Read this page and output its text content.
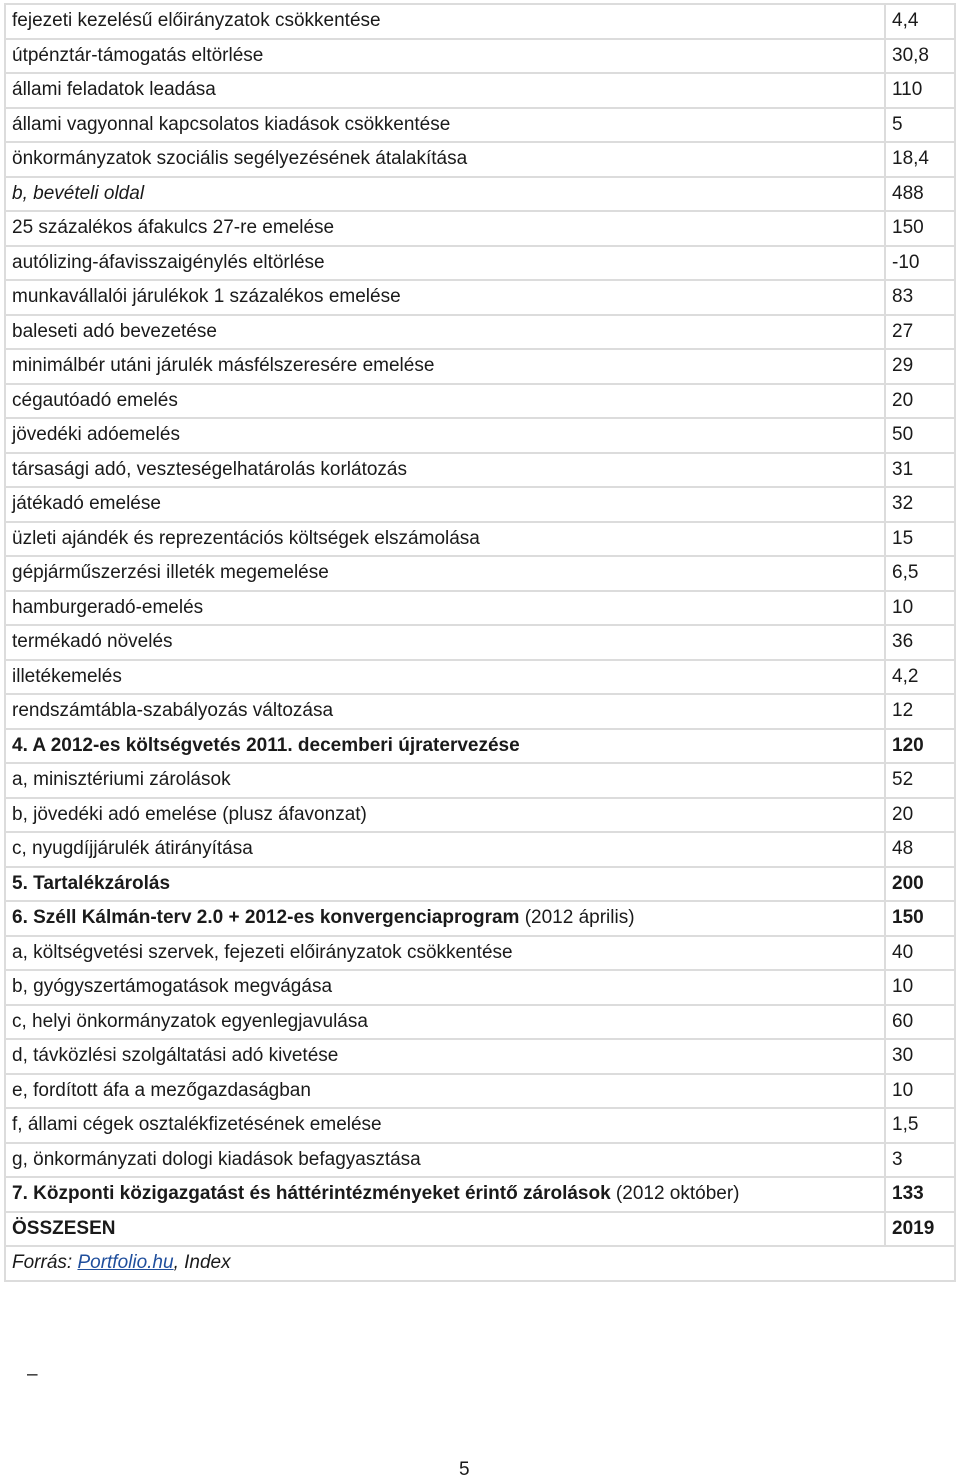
fejezeti kezelésű előirányzatok csökkentése	4,4
útpénztár-támogatás eltörlése	30,8
állami feladatok leadása	110
állami vagyonnal kapcsolatos kiadások csökkentése	5
önkormányzatok szociális segélyezésének átalakítása	18,4
b, bevételi oldal	488
25 százalékos áfakulcs 27-re emelése	150
autólizing-áfavisszaigénylés eltörlése	-10
munkavállalói járulékok 1 százalékos emelése	83
baleseti adó bevezetése	27
minimálbér utáni járulék másfélszeresére emelése	29
cégautóadó emelés	20
jövedéki adóemelés	50
társasági adó, veszteségelhatárolás korlátozás	31
játékadó emelése	32
üzleti ajándék és reprezentációs költségek elszámolása	15
gépjárműszerzési illeték megemelése	6,5
hamburgeradó-emelés	10
termékadó növelés	36
illetékemelés	4,2
rendszámtábla-szabályozás változása	12
4. A 2012-es költségvetés 2011. decemberi újratervezése	120
a, minisztériumi zárolások	52
b, jövedéki adó emelése (plusz áfavonzat)	20
c, nyugdíjjárulék átirányítása	48
5. Tartalékzárolás	200
6. Széll Kálmán-terv 2.0 + 2012-es konvergenciaprogram (2012 április)	150
a, költségvetési szervek, fejezeti előirányzatok csökkentése	40
b, gyógyszertámogatások megvágása	10
c, helyi önkormányzatok egyenlegjavulása	60
d, távközlési szolgáltatási adó kivetése	30
e, fordított áfa a mezőgazdaságban	10
f, állami cégek osztalékfizetésének emelése	1,5
g, önkormányzati dologi kiadások befagyasztása	3
7. Központi közigazgatást és háttérintézményeket érintő zárolások (2012 október)	133
ÖSSZESEN	2019
Forrás: Portfolio.hu, Index	
–
5
